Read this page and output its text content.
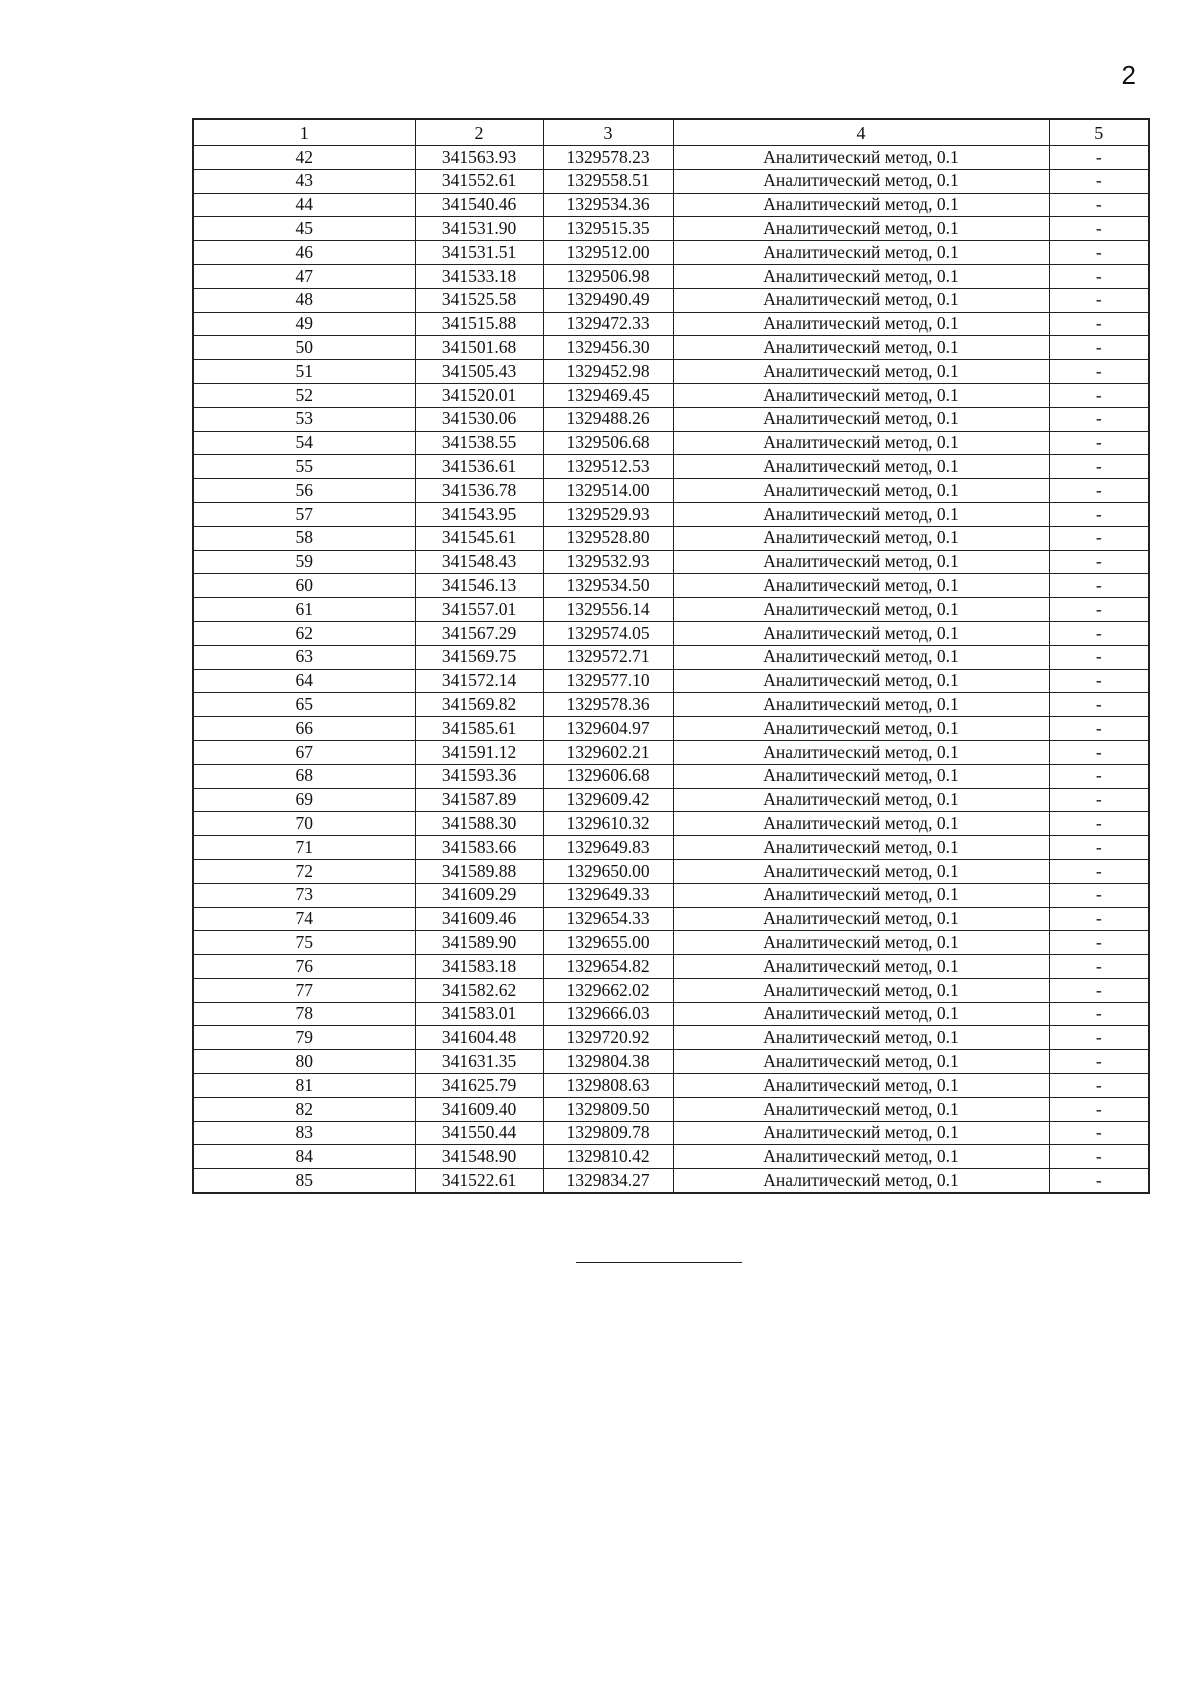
2
1	2	3	4	5
42	341563.93	1329578.23	Аналитический метод, 0.1	-
43	341552.61	1329558.51	Аналитический метод, 0.1	-
44	341540.46	1329534.36	Аналитический метод, 0.1	-
45	341531.90	1329515.35	Аналитический метод, 0.1	-
46	341531.51	1329512.00	Аналитический метод, 0.1	-
47	341533.18	1329506.98	Аналитический метод, 0.1	-
48	341525.58	1329490.49	Аналитический метод, 0.1	-
49	341515.88	1329472.33	Аналитический метод, 0.1	-
50	341501.68	1329456.30	Аналитический метод, 0.1	-
51	341505.43	1329452.98	Аналитический метод, 0.1	-
52	341520.01	1329469.45	Аналитический метод, 0.1	-
53	341530.06	1329488.26	Аналитический метод, 0.1	-
54	341538.55	1329506.68	Аналитический метод, 0.1	-
55	341536.61	1329512.53	Аналитический метод, 0.1	-
56	341536.78	1329514.00	Аналитический метод, 0.1	-
57	341543.95	1329529.93	Аналитический метод, 0.1	-
58	341545.61	1329528.80	Аналитический метод, 0.1	-
59	341548.43	1329532.93	Аналитический метод, 0.1	-
60	341546.13	1329534.50	Аналитический метод, 0.1	-
61	341557.01	1329556.14	Аналитический метод, 0.1	-
62	341567.29	1329574.05	Аналитический метод, 0.1	-
63	341569.75	1329572.71	Аналитический метод, 0.1	-
64	341572.14	1329577.10	Аналитический метод, 0.1	-
65	341569.82	1329578.36	Аналитический метод, 0.1	-
66	341585.61	1329604.97	Аналитический метод, 0.1	-
67	341591.12	1329602.21	Аналитический метод, 0.1	-
68	341593.36	1329606.68	Аналитический метод, 0.1	-
69	341587.89	1329609.42	Аналитический метод, 0.1	-
70	341588.30	1329610.32	Аналитический метод, 0.1	-
71	341583.66	1329649.83	Аналитический метод, 0.1	-
72	341589.88	1329650.00	Аналитический метод, 0.1	-
73	341609.29	1329649.33	Аналитический метод, 0.1	-
74	341609.46	1329654.33	Аналитический метод, 0.1	-
75	341589.90	1329655.00	Аналитический метод, 0.1	-
76	341583.18	1329654.82	Аналитический метод, 0.1	-
77	341582.62	1329662.02	Аналитический метод, 0.1	-
78	341583.01	1329666.03	Аналитический метод, 0.1	-
79	341604.48	1329720.92	Аналитический метод, 0.1	-
80	341631.35	1329804.38	Аналитический метод, 0.1	-
81	341625.79	1329808.63	Аналитический метод, 0.1	-
82	341609.40	1329809.50	Аналитический метод, 0.1	-
83	341550.44	1329809.78	Аналитический метод, 0.1	-
84	341548.90	1329810.42	Аналитический метод, 0.1	-
85	341522.61	1329834.27	Аналитический метод, 0.1	-
